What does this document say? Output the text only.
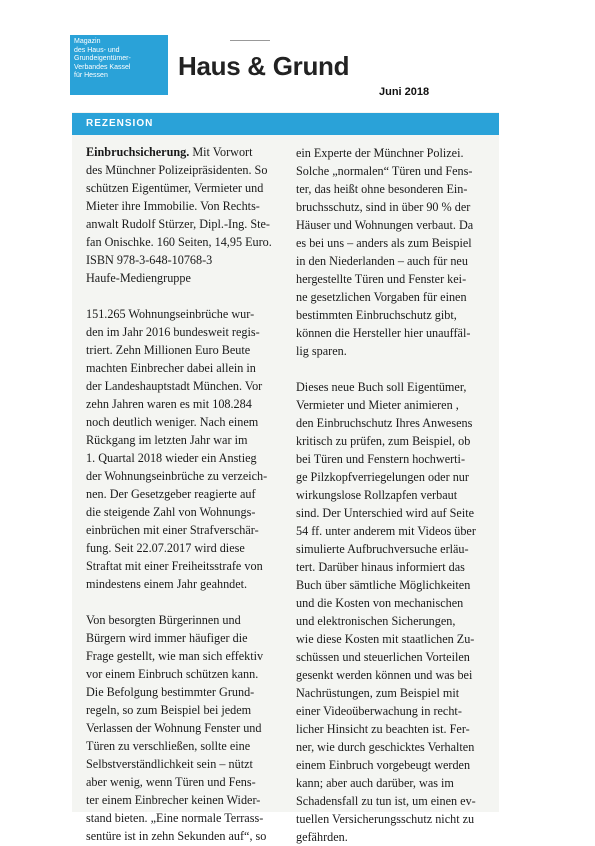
Magazin
des Haus- und
Grundeigentümer-
Verbandes Kassel
für Hessen	Haus & Grund
Juni 2018
REZENSION
Einbruchsicherung. Mit Vorwort
des Münchner Polizeipräsidenten. So
schützen Eigentümer, Vermieter und
Mieter ihre Immobilie. Von Rechts-
anwalt Rudolf Stürzer, Dipl.-Ing. Ste-
fan Onischke. 160 Seiten, 14,95 Euro.
ISBN 978-3-648-10768-3
Haufe-Mediengruppe
151.265 Wohnungseinbrüche wur-
den im Jahr 2016 bundesweit regis-
triert. Zehn Millionen Euro Beute
machten Einbrecher dabei allein in
der Landeshauptstadt München. Vor
zehn Jahren waren es mit 108.284
noch deutlich weniger. Nach einem
Rückgang im letzten Jahr war im
1. Quartal 2018 wieder ein Anstieg
der Wohnungseinbrüche zu verzeich-
nen. Der Gesetzgeber reagierte auf
die steigende Zahl von Wohnungs-
einbrüchen mit einer Strafverschär-
fung. Seit 22.07.2017 wird diese
Straftat mit einer Freiheitsstrafe von
mindestens einem Jahr geahndet.
Von besorgten Bürgerinnen und
Bürgern wird immer häufiger die
Frage gestellt, wie man sich effektiv
vor einem Einbruch schützen kann.
Die Befolgung bestimmter Grund-
regeln, so zum Beispiel bei jedem
Verlassen der Wohnung Fenster und
Türen zu verschließen, sollte eine
Selbstverständlichkeit sein – nützt
aber wenig, wenn Türen und Fens-
ter einem Einbrecher keinen Wider-
stand bieten. „Eine normale Terrass-
sentüre ist in zehn Sekunden auf“, so
ein Experte der Münchner Polizei.
Solche „normalen“ Türen und Fens-
ter, das heißt ohne besonderen Ein-
bruchsschutz, sind in über 90 % der
Häuser und Wohnungen verbaut. Da
es bei uns – anders als zum Beispiel
in den Niederlanden – auch für neu
hergestellte Türen und Fenster kei-
ne gesetzlichen Vorgaben für einen
bestimmten Einbruchschutz gibt,
können die Hersteller hier unauffäl-
lig sparen.
Dieses neue Buch soll Eigentümer,
Vermieter und Mieter animieren ,
den Einbruchschutz Ihres Anwesens
kritisch zu prüfen, zum Beispiel, ob
bei Türen und Fenstern hochwerti-
ge Pilzkopfverriegelungen oder nur
wirkungslose Rollzapfen verbaut
sind. Der Unterschied wird auf Seite
54 ff. unter anderem mit Videos über
simulierte Aufbruchversuche erläu-
tert. Darüber hinaus informiert das
Buch über sämtliche Möglichkeiten
und die Kosten von mechanischen
und elektronischen Sicherungen,
wie diese Kosten mit staatlichen Zu-
schüssen und steuerlichen Vorteilen
gesenkt werden können und was bei
Nachrüstungen, zum Beispiel mit
einer Videoüberwachung in recht-
licher Hinsicht zu beachten ist. Fer-
ner, wie durch geschicktes Verhalten
einem Einbruch vorgebeugt werden
kann; aber auch darüber, was im
Schadensfall zu tun ist, um einen ev-
tuellen Versicherungsschutz nicht zu
gefährden.
